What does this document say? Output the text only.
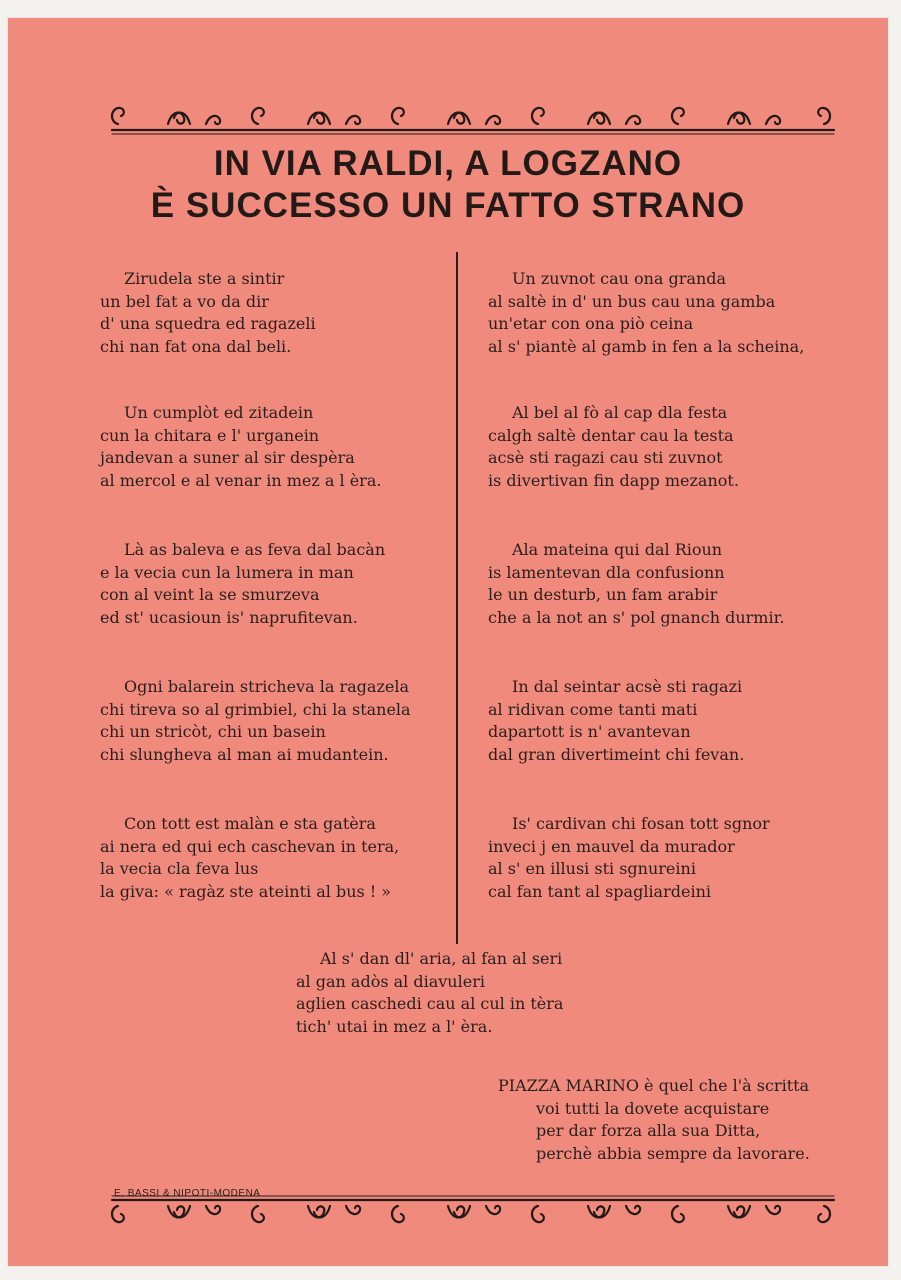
IN VIA RALDI, A LOGZANO
È SUCCESSO UN FATTO STRANO

Zirudela ste a sintir
un bel fat a vo da dir
d' una squedra ed ragazeli
chi nan fat ona dal beli.

Un cumplòt ed zitadein
cun la chitara e l' urganein
jandevan a suner al sir despèra
al mercol e al venar in mez a l èra.

Là as baleva e as feva dal bacàn
e la vecia cun la lumera in man
con al veint la se smurzeva
ed st' ucasioun is' naprufitevan.

Ogni balarein stricheva la ragazela
chi tireva so al grimbiel, chi la stanela
chi un stricòt, chi un basein
chi slungheva al man ai mudantein.

Con tott est malàn e sta gatèra
ai nera ed qui ech caschevan in tera,
la vecia cla feva lus
la giva: « ragàz ste ateinti al bus ! »

Un zuvnot cau ona granda
al saltè in d' un bus cau una gamba
un'etar con ona piò ceina
al s' piantè al gamb in fen a la scheina,

Al bel al fò al cap dla festa
calgh saltè dentar cau la testa
acsè sti ragazi cau sti zuvnot
is divertivan fin dapp mezanot.

Ala mateina qui dal Rioun
is lamentevan dla confusionn
le un desturb, un fam arabir
che a la not an s' pol gnanch durmir.

In dal seintar acsè sti ragazi
al ridivan come tanti mati
dapartott is n' avantevan
dal gran divertimeint chi fevan.

Is' cardivan chi fosan tott sgnor
inveci j en mauvel da murador
al s' en illusi sti sgnureini
cal fan tant al spagliardeini

Al s' dan dl' aria, al fan al seri
al gan adòs al diavuleri
aglien caschedi cau al cul in tèra
tich' utai in mez a l' èra.

PIAZZA MARINO è quel che l'à scritta
voi tutti la dovete acquistare
per dar forza alla sua Ditta,
perchè abbia sempre da lavorare.

E. BASSI & NIPOTI-MODENA
